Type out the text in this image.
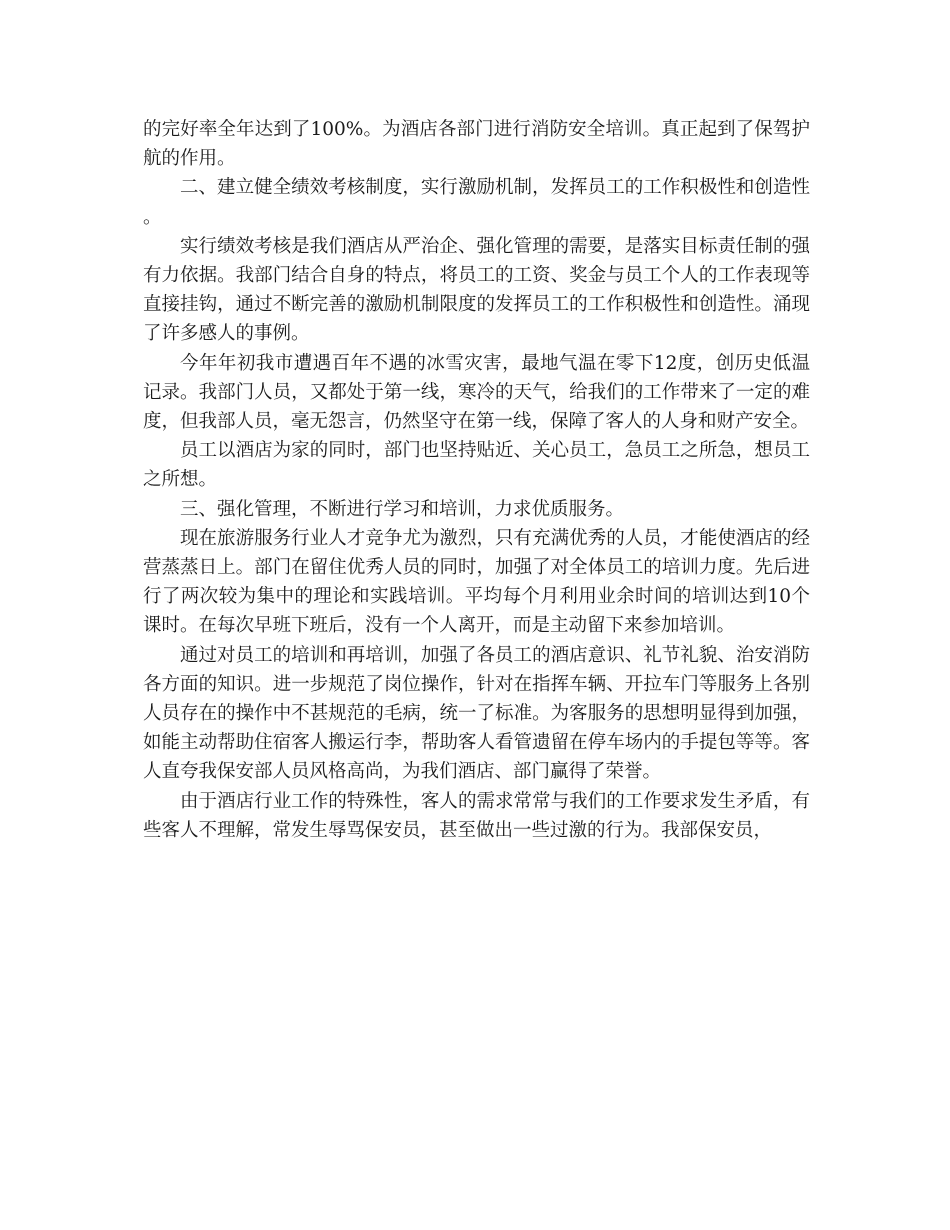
的完好率全年达到了100%。为酒店各部门进行消防安全培训。真正起到了保驾护航的作用。

二、建立健全绩效考核制度，实行激励机制，发挥员工的工作积极性和创造性。

实行绩效考核是我们酒店从严治企、强化管理的需要，是落实目标责任制的强有力依据。我部门结合自身的特点，将员工的工资、奖金与员工个人的工作表现等直接挂钩，通过不断完善的激励机制限度的发挥员工的工作积极性和创造性。涌现了许多感人的事例。

今年年初我市遭遇百年不遇的冰雪灾害，最地气温在零下12度，创历史低温记录。我部门人员，又都处于第一线，寒冷的天气，给我们的工作带来了一定的难度，但我部人员，毫无怨言，仍然坚守在第一线，保障了客人的人身和财产安全。

员工以酒店为家的同时，部门也坚持贴近、关心员工，急员工之所急，想员工之所想。

三、强化管理，不断进行学习和培训，力求优质服务。

现在旅游服务行业人才竞争尤为激烈，只有充满优秀的人员，才能使酒店的经营蒸蒸日上。部门在留住优秀人员的同时，加强了对全体员工的培训力度。先后进行了两次较为集中的理论和实践培训。平均每个月利用业余时间的培训达到10个课时。在每次早班下班后，没有一个人离开，而是主动留下来参加培训。

通过对员工的培训和再培训，加强了各员工的酒店意识、礼节礼貌、治安消防各方面的知识。进一步规范了岗位操作，针对在指挥车辆、开拉车门等服务上各别人员存在的操作中不甚规范的毛病，统一了标准。为客服务的思想明显得到加强，如能主动帮助住宿客人搬运行李，帮助客人看管遗留在停车场内的手提包等等。客人直夸我保安部人员风格高尚，为我们酒店、部门赢得了荣誉。

由于酒店行业工作的特殊性，客人的需求常常与我们的工作要求发生矛盾，有些客人不理解，常发生辱骂保安员，甚至做出一些过激的行为。我部保安员，
